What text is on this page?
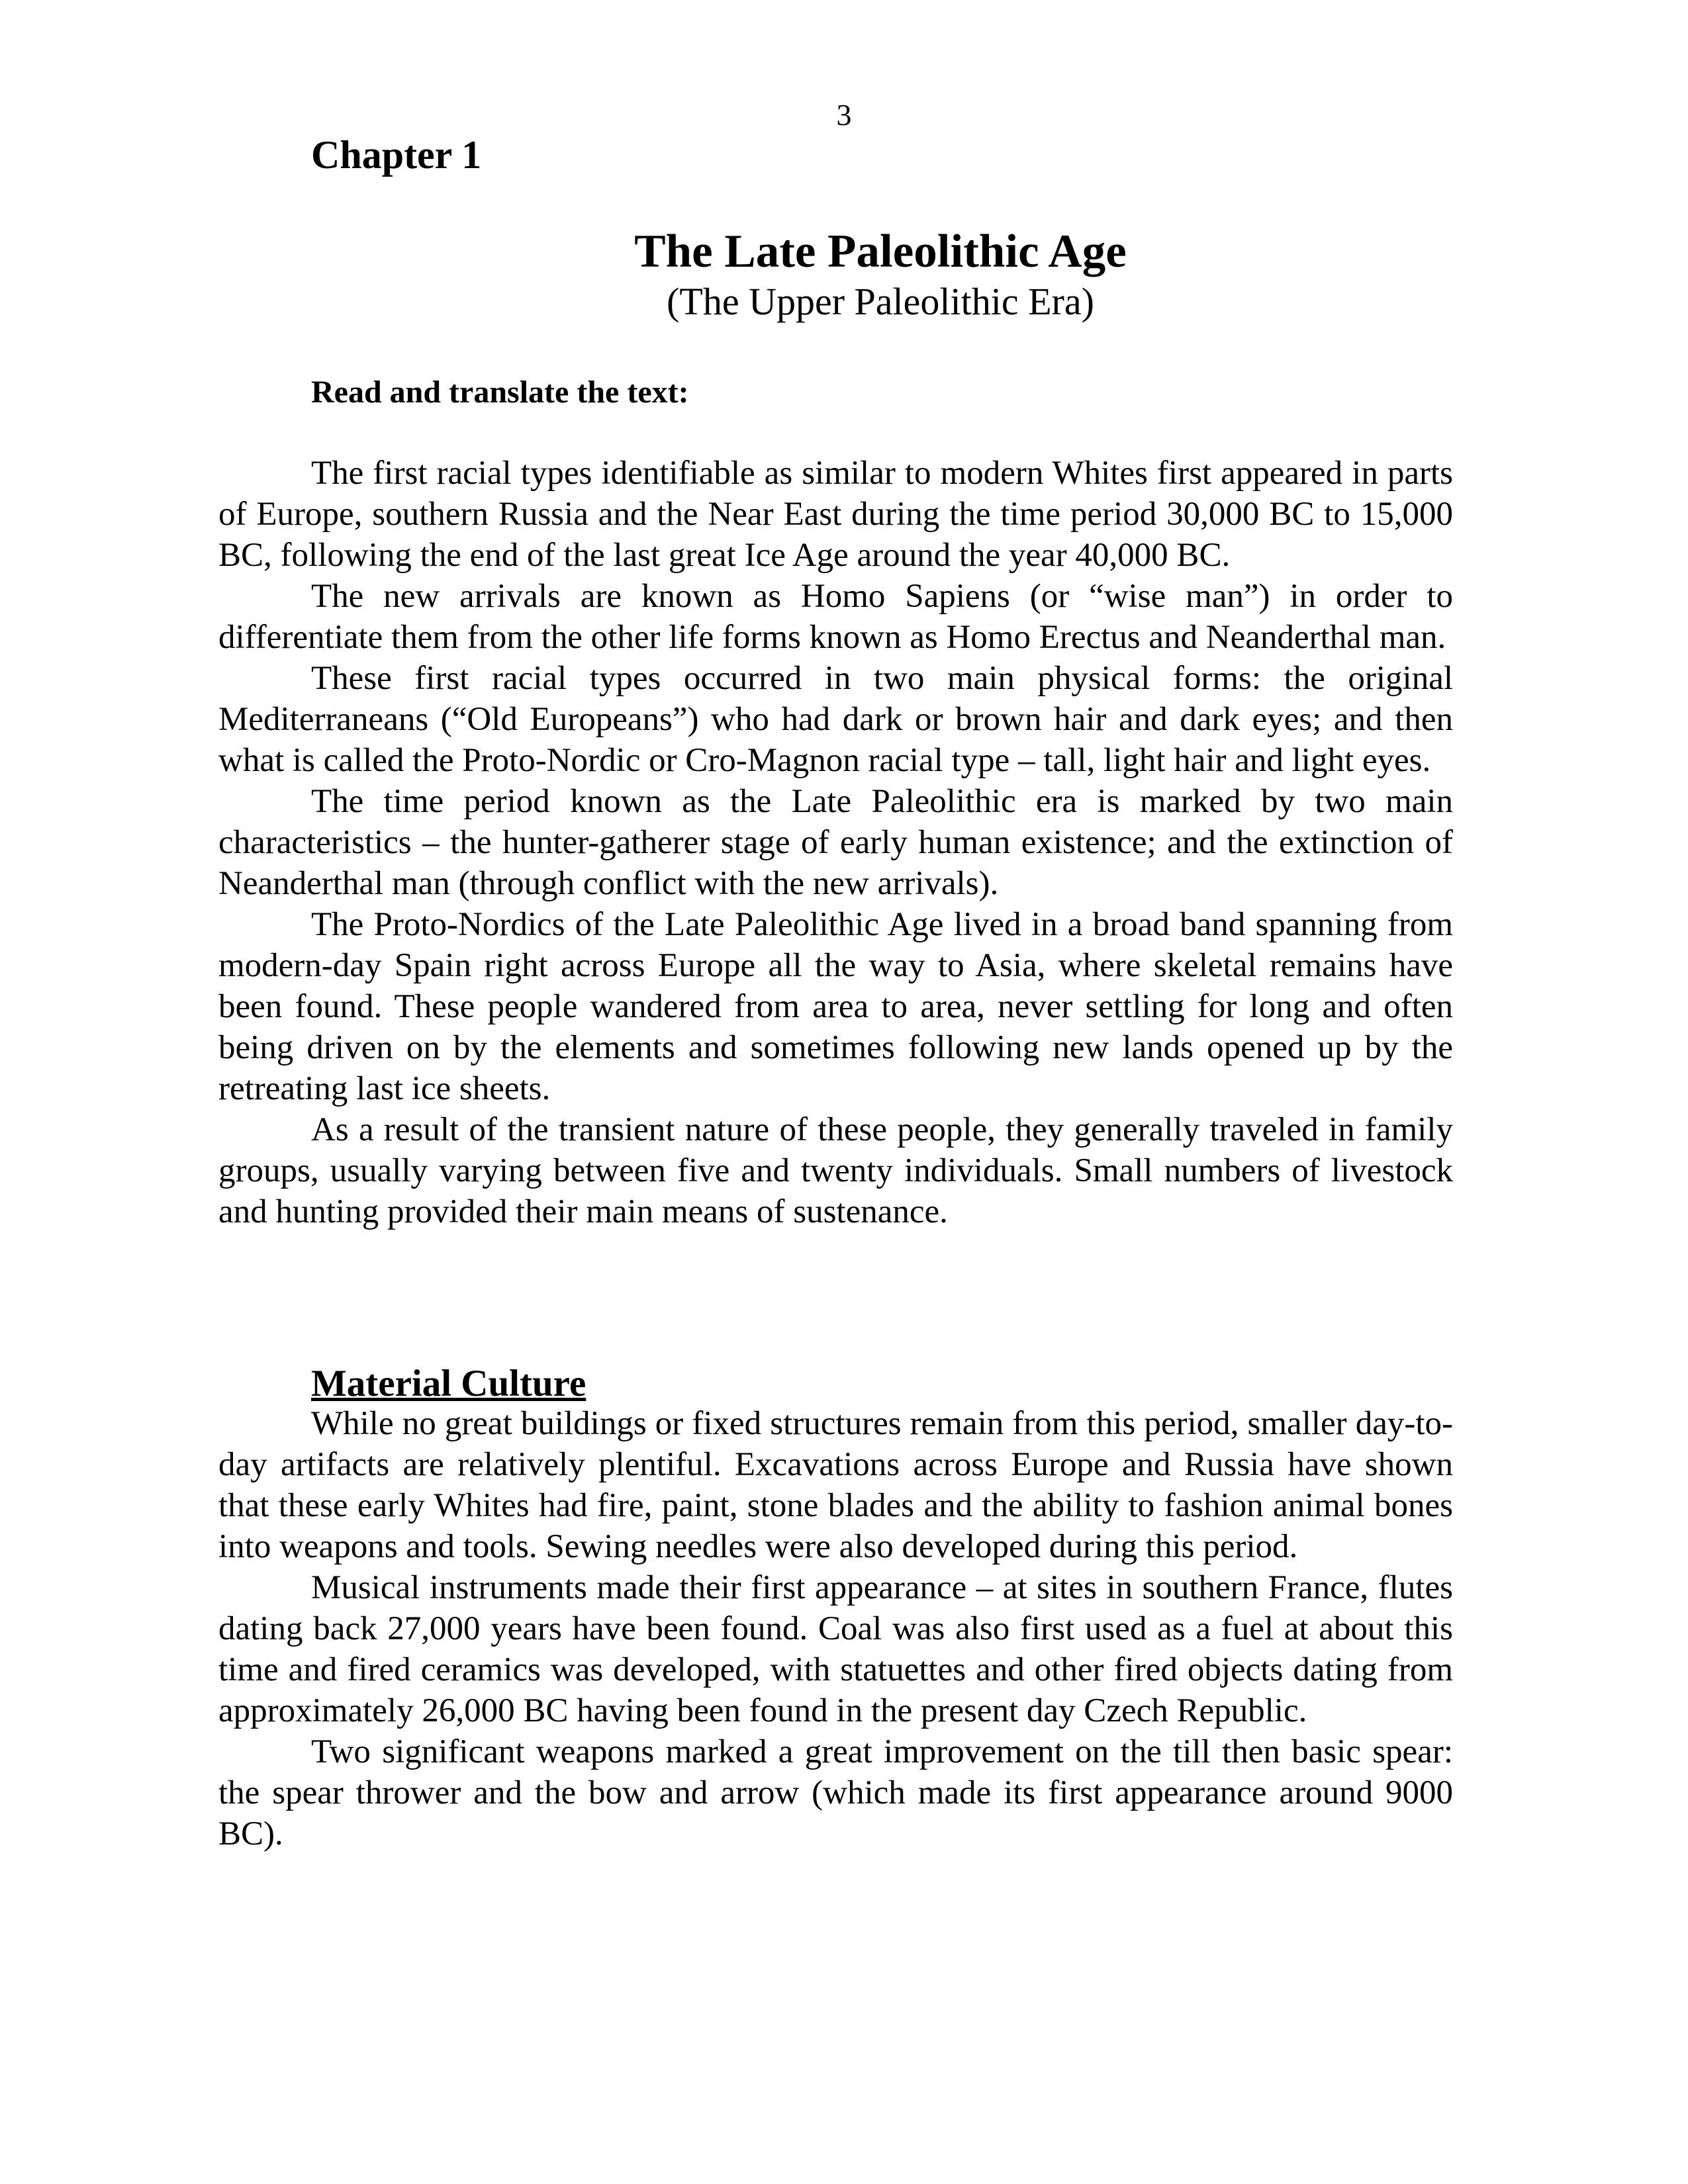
3
Chapter 1
The Late Paleolithic Age
(The Upper Paleolithic Era)
Read and translate the text:

The first racial types identifiable as similar to modern Whites first appeared in parts of Europe, southern Russia and the Near East during the time period 30,000 BC to 15,000 BC, following the end of the last great Ice Age around the year 40,000 BC.

The new arrivals are known as Homo Sapiens (or “wise man”) in order to differentiate them from the other life forms known as Homo Erectus and Neanderthal man.

These first racial types occurred in two main physical forms: the original Mediterraneans (“Old Europeans”) who had dark or brown hair and dark eyes; and then what is called the Proto-Nordic or Cro-Magnon racial type – tall, light hair and light eyes.

The time period known as the Late Paleolithic era is marked by two main characteristics – the hunter-gatherer stage of early human existence; and the extinction of Neanderthal man (through conflict with the new arrivals).

The Proto-Nordics of the Late Paleolithic Age lived in a broad band spanning from modern-day Spain right across Europe all the way to Asia, where skeletal remains have been found. These people wandered from area to area, never settling for long and often being driven on by the elements and sometimes following new lands opened up by the retreating last ice sheets.

As a result of the transient nature of these people, they generally traveled in family groups, usually varying between five and twenty individuals. Small numbers of livestock and hunting provided their main means of sustenance.

Material Culture

While no great buildings or fixed structures remain from this period, smaller day-to-day artifacts are relatively plentiful. Excavations across Europe and Russia have shown that these early Whites had fire, paint, stone blades and the ability to fashion animal bones into weapons and tools. Sewing needles were also developed during this period.

Musical instruments made their first appearance – at sites in southern France, flutes dating back 27,000 years have been found. Coal was also first used as a fuel at about this time and fired ceramics was developed, with statuettes and other fired objects dating from approximately 26,000 BC having been found in the present day Czech Republic.

Two significant weapons marked a great improvement on the till then basic spear: the spear thrower and the bow and arrow (which made its first appearance around 9000 BC).
